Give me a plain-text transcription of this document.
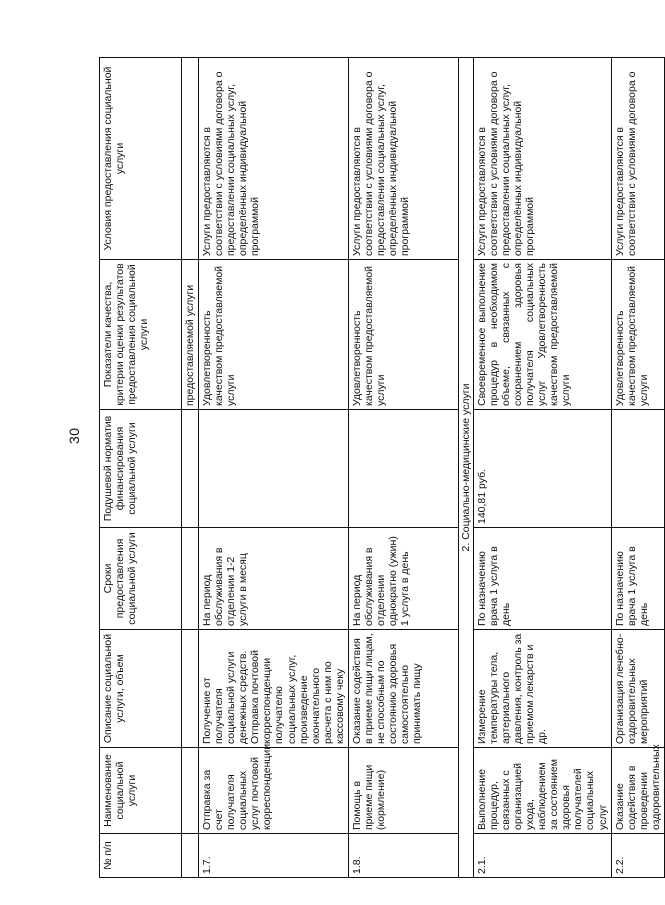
30
№ п/п	Наименование социальной услуги	Описание социальной услуги, объем	Сроки предоставления социальной услуги	Подушевой норматив финансирования социальной услуги	Показатели качества, критерии оценки результатов предоставления социальной услуги	Условия предоставления социальной услуги
					предоставляемой услуги	
1.7.	Отправка за счет получателя социальных услуг почтовой корреспонденции	Получение от получателя социальной услуги денежных средств. Отправка почтовой корреспонденции получателю социальных услуг, произведение окончательного расчета с ним по кассовому чеку	На период обслуживания в отделении 1-2 услуги в месяц		Удовлетворенность качеством предоставляемой услуги	Услуги предоставляются в соответствии с условиями договора о предоставлении социальных услуг, определённых индивидуальной программой
1.8.	Помощь в приеме пищи (кормление)	Оказание содействия в приеме пищи лицам, не способным по состоянию здоровья самостоятельно принимать пищу	На период обслуживания в отделении однократно (ужин) 1 услуга в день		Удовлетворенность качеством предоставляемой услуги	Услуги предоставляются в соответствии с условиями договора о предоставлении социальных услуг, определённых индивидуальной программой
2. Социально-медицинские услуги						
2.1.	Выполнение процедур, связанных с организацией ухода, наблюдением за состоянием здоровья получателей социальных услуг	Измерение температуры тела, артериального давления, контроль за приемом лекарств и др.	По назначению врача 1 услуга в день	140,81 руб.	Своевременное выполнение процедур в необходимом объеме, связанных с сохранением здоровья получателя социальных услуг Удовлетворенность качеством предоставляемой услуги	Услуги предоставляются в соответствии с условиями договора о предоставлении социальных услуг, определённых индивидуальной программой
2.2.	Оказание содействия в проведении оздоровительных	Организация лечебно-оздоровительных мероприятий	По назначению врача 1 услуга в день		Удовлетворенность качеством предоставляемой услуги	Услуги предоставляются в соответствии с условиями договора о
